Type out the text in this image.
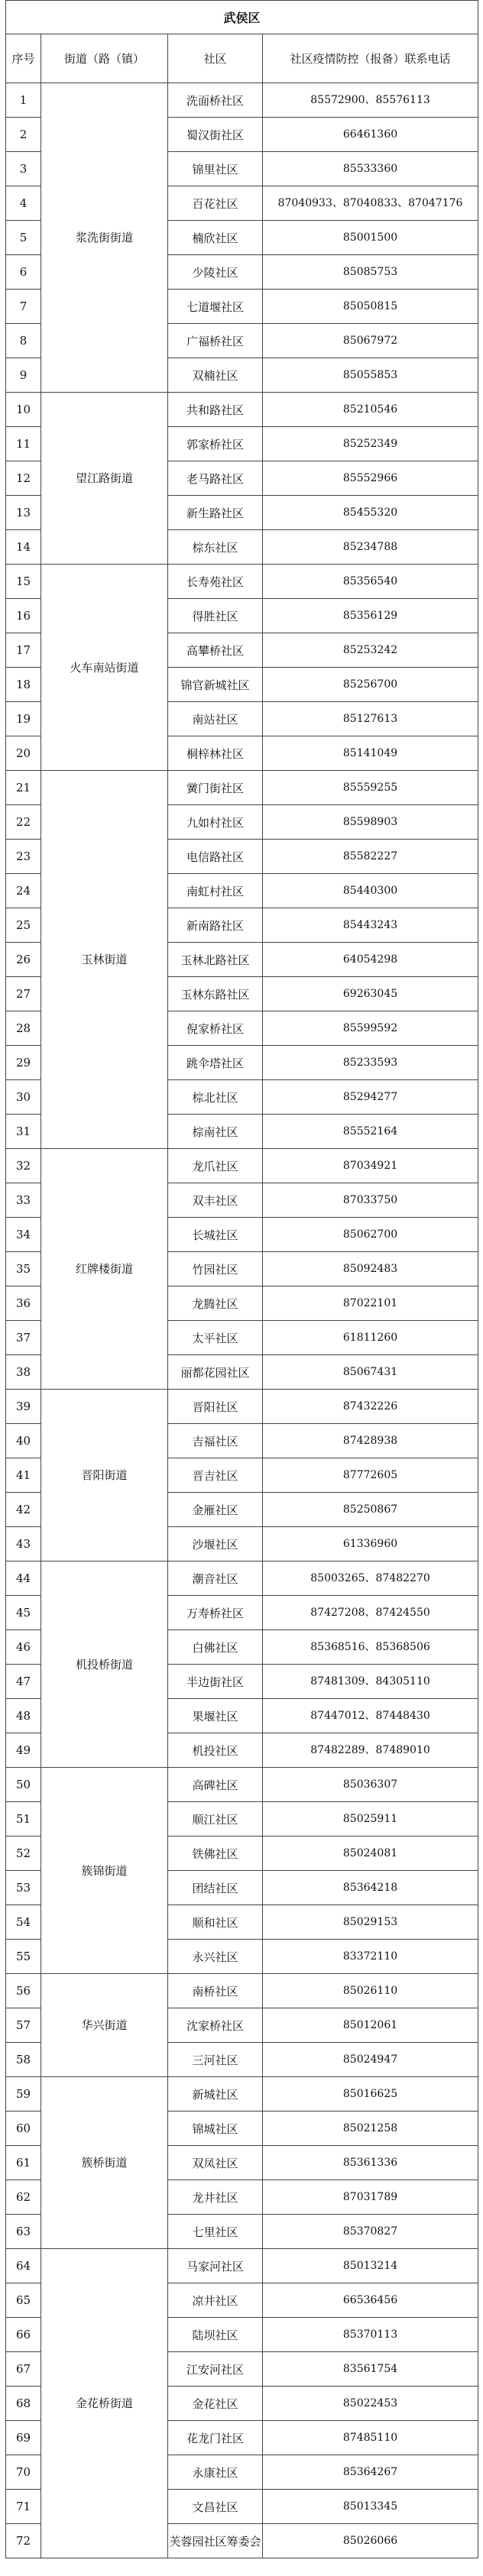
武侯区			
序号	街道（路（镇）	社区	社区疫情防控（报备）联系电话
1	浆洗街街道	洗面桥社区	85572900、85576113
2		蜀汉街社区	66461360
3		锦里社区	85533360
4		百花社区	87040933、87040833、87047176
5		楠欣社区	85001500
6		少陵社区	85085753
7		七道堰社区	85050815
8		广福桥社区	85067972
9		双楠社区	85055853
10	望江路街道	共和路社区	85210546
11		郭家桥社区	85252349
12		老马路社区	85552966
13		新生路社区	85455320
14		棕东社区	85234788
15	火车南站街道	长寿苑社区	85356540
16		得胜社区	85356129
17		高攀桥社区	85253242
18		锦官新城社区	85256700
19		南站社区	85127613
20		桐梓林社区	85141049
21	玉林街道	黉门街社区	85559255
22		九如村社区	85598903
23		电信路社区	85582227
24		南虹村社区	85440300
25		新南路社区	85443243
26		玉林北路社区	64054298
27		玉林东路社区	69263045
28		倪家桥社区	85599592
29		跳伞塔社区	85233593
30		棕北社区	85294277
31		棕南社区	85552164
32	红牌楼街道	龙爪社区	87034921
33		双丰社区	87033750
34		长城社区	85062700
35		竹园社区	85092483
36		龙腾社区	87022101
37		太平社区	61811260
38		丽都花园社区	85067431
39	晋阳街道	晋阳社区	87432226
40		吉福社区	87428938
41		晋吉社区	87772605
42		金雁社区	85250867
43		沙堰社区	61336960
44	机投桥街道	潮音社区	85003265、87482270
45		万寿桥社区	87427208、87424550
46		白佛社区	85368516、85368506
47		半边街社区	87481309、84305110
48		果堰社区	87447012、87448430
49		机投社区	87482289、87489010
50	簇锦街道	高碑社区	85036307
51		顺江社区	85025911
52		铁佛社区	85024081
53		团结社区	85364218
54		顺和社区	85029153
55		永兴社区	83372110
56	华兴街道	南桥社区	85026110
57		沈家桥社区	85012061
58		三河社区	85024947
59	簇桥街道	新城社区	85016625
60		锦城社区	85021258
61		双凤社区	85361336
62		龙井社区	87031789
63		七里社区	85370827
64	金花桥街道	马家河社区	85013214
65		凉井社区	66536456
66		陆坝社区	85370113
67		江安河社区	83561754
68		金花社区	85022453
69		花龙门社区	87485110
70		永康社区	85364267
71		文昌社区	85013345
72		芙蓉园社区筹委会	85026066
